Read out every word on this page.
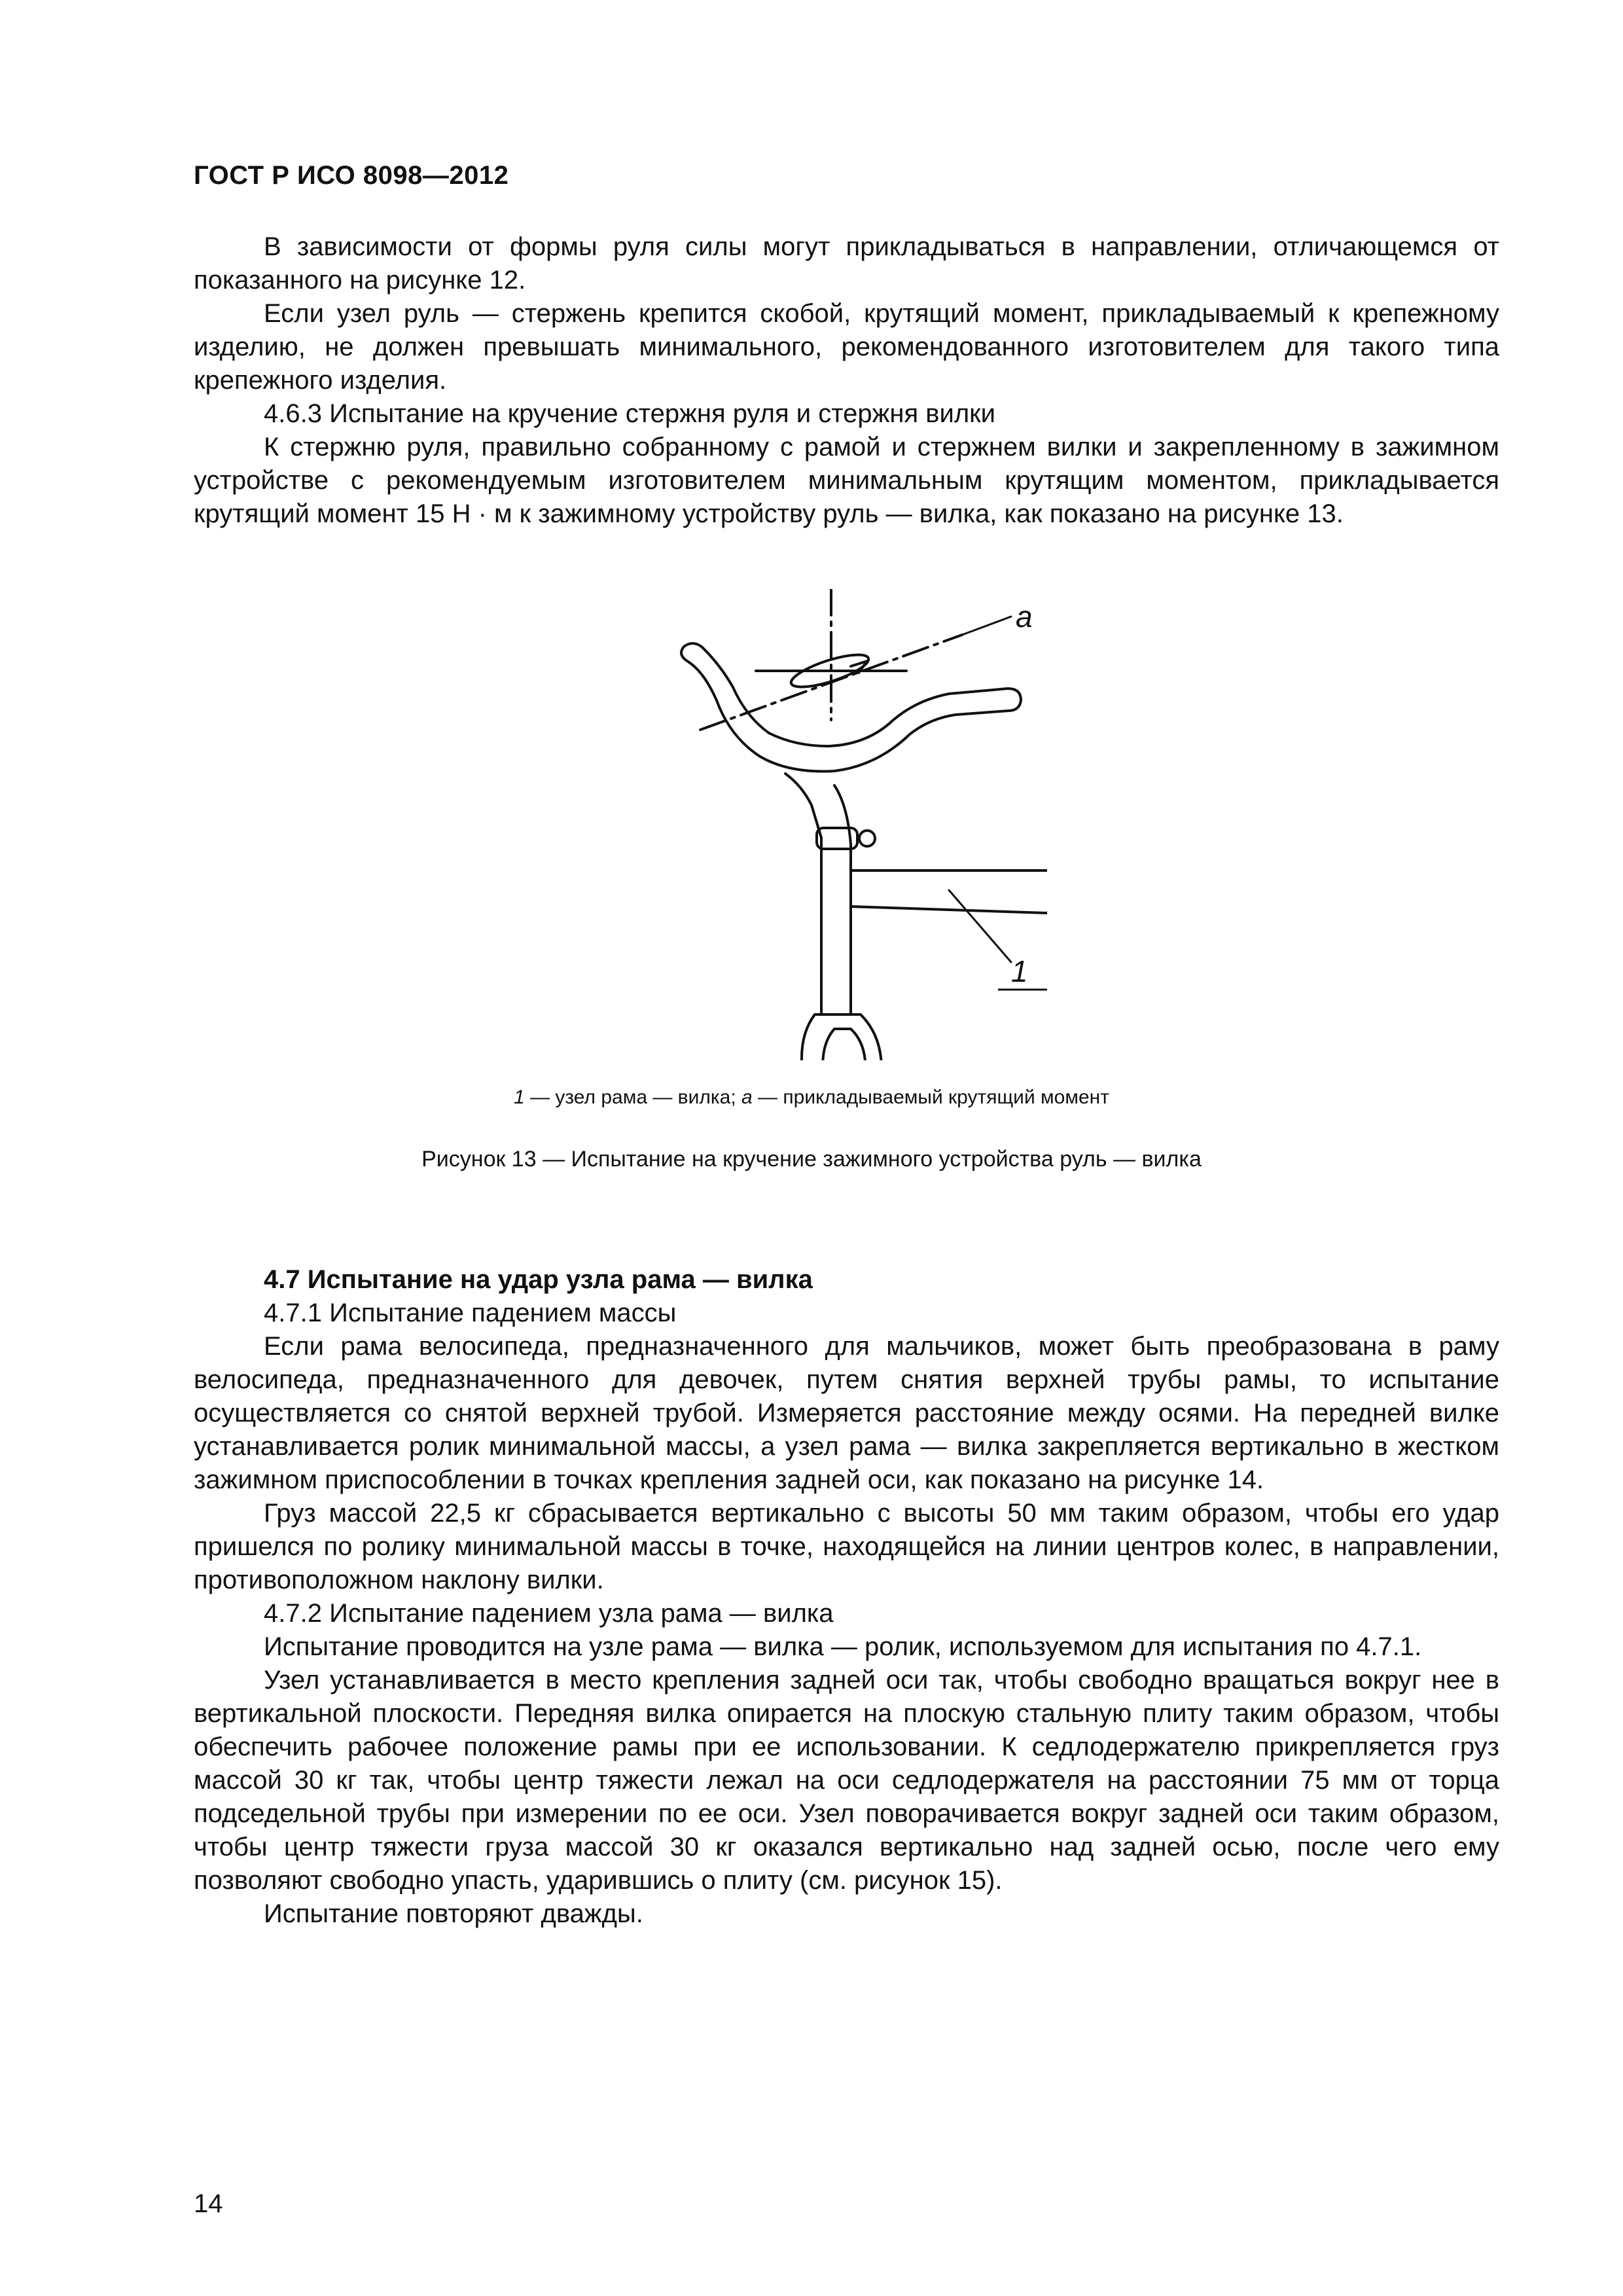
ГОСТ Р ИСО 8098—2012

В зависимости от формы руля силы могут прикладываться в направлении, отличающемся от показанного на рисунке 12.

Если узел руль — стержень крепится скобой, крутящий момент, прикладываемый к крепежному изделию, не должен превышать минимального, рекомендованного изготовителем для такого типа крепежного изделия.

4.6.3 Испытание на кручение стержня руля и стержня вилки

К стержню руля, правильно собранному с рамой и стержнем вилки и закрепленному в зажимном устройстве с рекомендуемым изготовителем минимальным крутящим моментом, прикладывается крутящий момент 15 Н · м к зажимному устройству руль — вилка, как показано на рисунке 13.

a
1
1 — узел рама — вилка; а — прикладываемый крутящий момент
Рисунок 13 — Испытание на кручение зажимного устройства руль — вилка

4.7 Испытание на удар узла рама — вилка

4.7.1 Испытание падением массы

Если рама велосипеда, предназначенного для мальчиков, может быть преобразована в раму велосипеда, предназначенного для девочек, путем снятия верхней трубы рамы, то испытание осуществляется со снятой верхней трубой. Измеряется расстояние между осями. На передней вилке устанавливается ролик минимальной массы, а узел рама — вилка закрепляется вертикально в жестком зажимном приспособлении в точках крепления задней оси, как показано на рисунке 14.

Груз массой 22,5 кг сбрасывается вертикально с высоты 50 мм таким образом, чтобы его удар пришелся по ролику минимальной массы в точке, находящейся на линии центров колес, в направлении, противоположном наклону вилки.

4.7.2 Испытание падением узла рама — вилка

Испытание проводится на узле рама — вилка — ролик, используемом для испытания по 4.7.1.

Узел устанавливается в место крепления задней оси так, чтобы свободно вращаться вокруг нее в вертикальной плоскости. Передняя вилка опирается на плоскую стальную плиту таким образом, чтобы обеспечить рабочее положение рамы при ее использовании. К седлодержателю прикрепляется груз массой 30 кг так, чтобы центр тяжести лежал на оси седлодержателя на расстоянии 75 мм от торца подседельной трубы при измерении по ее оси. Узел поворачивается вокруг задней оси таким образом, чтобы центр тяжести груза массой 30 кг оказался вертикально над задней осью, после чего ему позволяют свободно упасть, ударившись о плиту (см. рисунок 15).

Испытание повторяют дважды.

14
